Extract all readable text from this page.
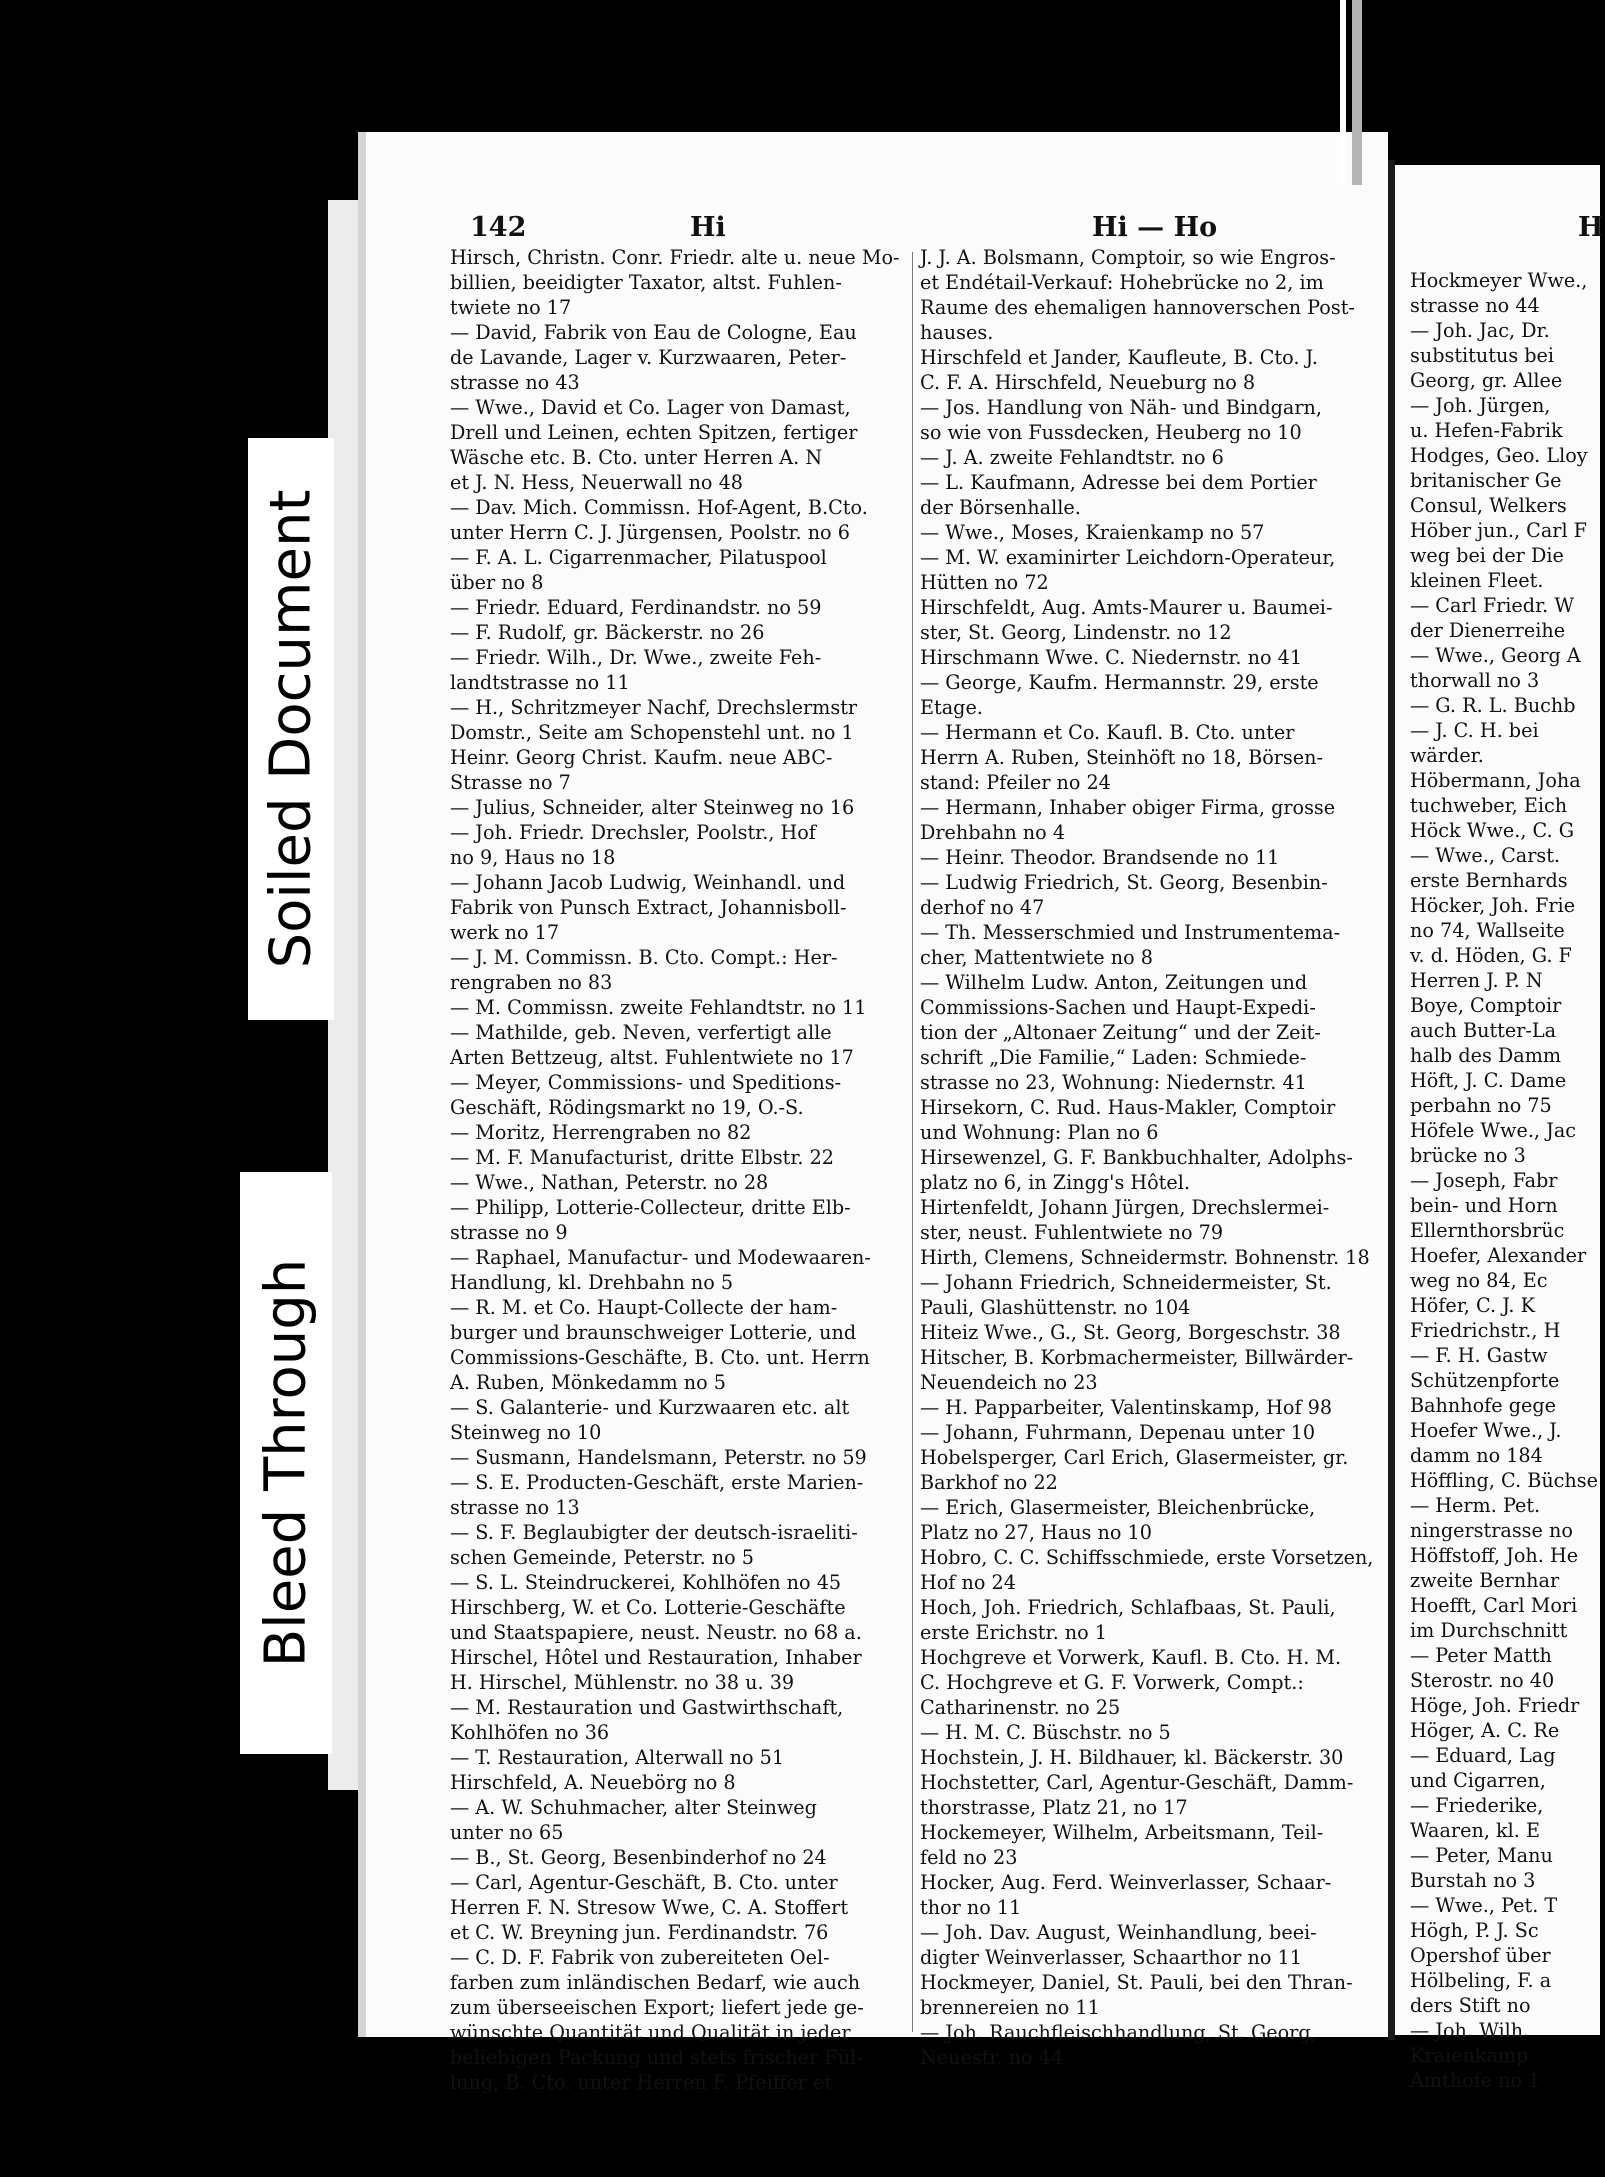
Soiled Document
Bleed Through
142	Hi	Hi — Ho	H
Hirsch, Christn. Conr. Friedr. alte u. neue Mo-
billien, beeidigter Taxator, altst. Fuhlen-
twiete no 17
— David, Fabrik von Eau de Cologne, Eau
de Lavande, Lager v. Kurzwaaren, Peter-
strasse no 43
— Wwe., David et Co. Lager von Damast,
Drell und Leinen, echten Spitzen, fertiger
Wäsche etc. B. Cto. unter Herren A. N
et J. N. Hess, Neuerwall no 48
— Dav. Mich. Commissn. Hof-Agent, B.Cto.
unter Herrn C. J. Jürgensen, Poolstr. no 6
— F. A. L. Cigarrenmacher, Pilatuspool
über no 8
— Friedr. Eduard, Ferdinandstr. no 59
— F. Rudolf, gr. Bäckerstr. no 26
— Friedr. Wilh., Dr. Wwe., zweite Feh-
landtstrasse no 11
— H., Schritzmeyer Nachf, Drechslermstr
Domstr., Seite am Schopenstehl unt. no 1
Heinr. Georg Christ. Kaufm. neue ABC-
Strasse no 7
— Julius, Schneider, alter Steinweg no 16
— Joh. Friedr. Drechsler, Poolstr., Hof
no 9, Haus no 18
— Johann Jacob Ludwig, Weinhandl. und
Fabrik von Punsch Extract, Johannisboll-
werk no 17
— J. M. Commissn. B. Cto. Compt.: Her-
rengraben no 83
— M. Commissn. zweite Fehlandtstr. no 11
— Mathilde, geb. Neven, verfertigt alle
Arten Bettzeug, altst. Fuhlentwiete no 17
— Meyer, Commissions- und Speditions-
Geschäft, Rödingsmarkt no 19, O.-S.
— Moritz, Herrengraben no 82
— M. F. Manufacturist, dritte Elbstr. 22
— Wwe., Nathan, Peterstr. no 28
— Philipp, Lotterie-Collecteur, dritte Elb-
strasse no 9
— Raphael, Manufactur- und Modewaaren-
Handlung, kl. Drehbahn no 5
— R. M. et Co. Haupt-Collecte der ham-
burger und braunschweiger Lotterie, und
Commissions-Geschäfte, B. Cto. unt. Herrn
A. Ruben, Mönkedamm no 5
— S. Galanterie- und Kurzwaaren etc. alt
Steinweg no 10
— Susmann, Handelsmann, Peterstr. no 59
— S. E. Producten-Geschäft, erste Marien-
strasse no 13
— S. F. Beglaubigter der deutsch-israeliti-
schen Gemeinde, Peterstr. no 5
— S. L. Steindruckerei, Kohlhöfen no 45
Hirschberg, W. et Co. Lotterie-Geschäfte
und Staatspapiere, neust. Neustr. no 68 a.
Hirschel, Hôtel und Restauration, Inhaber
H. Hirschel, Mühlenstr. no 38 u. 39
— M. Restauration und Gastwirthschaft,
Kohlhöfen no 36
— T. Restauration, Alterwall no 51
Hirschfeld, A. Neuebörg no 8
— A. W. Schuhmacher, alter Steinweg
unter no 65
— B., St. Georg, Besenbinderhof no 24
— Carl, Agentur-Geschäft, B. Cto. unter
Herren F. N. Stresow Wwe, C. A. Stoffert
et C. W. Breyning jun. Ferdinandstr. 76
— C. D. F. Fabrik von zubereiteten Oel-
farben zum inländischen Bedarf, wie auch
zum überseeischen Export; liefert jede ge-
wünschte Quantität und Qualität in jeder
beliebigen Packung und stets frischer Fül-
lung, B. Cto. unter Herren F. Pfeiffer et
J. J. A. Bolsmann, Comptoir, so wie Engros-
et Endétail-Verkauf: Hohebrücke no 2, im
Raume des ehemaligen hannoverschen Post-
hauses.
Hirschfeld et Jander, Kaufleute, B. Cto. J.
C. F. A. Hirschfeld, Neueburg no 8
— Jos. Handlung von Näh- und Bindgarn,
so wie von Fussdecken, Heuberg no 10
— J. A. zweite Fehlandtstr. no 6
— L. Kaufmann, Adresse bei dem Portier
der Börsenhalle.
— Wwe., Moses, Kraienkamp no 57
— M. W. examinirter Leichdorn-Operateur,
Hütten no 72
Hirschfeldt, Aug. Amts-Maurer u. Baumei-
ster, St. Georg, Lindenstr. no 12
Hirschmann Wwe. C. Niedernstr. no 41
— George, Kaufm. Hermannstr. 29, erste
Etage.
— Hermann et Co. Kaufl. B. Cto. unter
Herrn A. Ruben, Steinhöft no 18, Börsen-
stand: Pfeiler no 24
— Hermann, Inhaber obiger Firma, grosse
Drehbahn no 4
— Heinr. Theodor. Brandsende no 11
— Ludwig Friedrich, St. Georg, Besenbin-
derhof no 47
— Th. Messerschmied und Instrumentema-
cher, Mattentwiete no 8
— Wilhelm Ludw. Anton, Zeitungen und
Commissions-Sachen und Haupt-Expedi-
tion der „Altonaer Zeitung“ und der Zeit-
schrift „Die Familie,“ Laden: Schmiede-
strasse no 23, Wohnung: Niedernstr. 41
Hirsekorn, C. Rud. Haus-Makler, Comptoir
und Wohnung: Plan no 6
Hirsewenzel, G. F. Bankbuchhalter, Adolphs-
platz no 6, in Zingg's Hôtel.
Hirtenfeldt, Johann Jürgen, Drechslermei-
ster, neust. Fuhlentwiete no 79
Hirth, Clemens, Schneidermstr. Bohnenstr. 18
— Johann Friedrich, Schneidermeister, St.
Pauli, Glashüttenstr. no 104
Hiteiz Wwe., G., St. Georg, Borgeschstr. 38
Hitscher, B. Korbmachermeister, Billwärder-
Neuendeich no 23
— H. Papparbeiter, Valentinskamp, Hof 98
— Johann, Fuhrmann, Depenau unter 10
Hobelsperger, Carl Erich, Glasermeister, gr.
Barkhof no 22
— Erich, Glasermeister, Bleichenbrücke,
Platz no 27, Haus no 10
Hobro, C. C. Schiffsschmiede, erste Vorsetzen,
Hof no 24
Hoch, Joh. Friedrich, Schlafbaas, St. Pauli,
erste Erichstr. no 1
Hochgreve et Vorwerk, Kaufl. B. Cto. H. M.
C. Hochgreve et G. F. Vorwerk, Compt.:
Catharinenstr. no 25
— H. M. C. Büschstr. no 5
Hochstein, J. H. Bildhauer, kl. Bäckerstr. 30
Hochstetter, Carl, Agentur-Geschäft, Damm-
thorstrasse, Platz 21, no 17
Hockemeyer, Wilhelm, Arbeitsmann, Teil-
feld no 23
Hocker, Aug. Ferd. Weinverlasser, Schaar-
thor no 11
— Joh. Dav. August, Weinhandlung, beei-
digter Weinverlasser, Schaarthor no 11
Hockmeyer, Daniel, St. Pauli, bei den Thran-
brennereien no 11
— Joh. Rauchfleischhandlung, St. Georg,
Neuestr. no 44
Hockmeyer Wwe.,
strasse no 44
— Joh. Jac, Dr.
substitutus bei
Georg, gr. Allee
— Joh. Jürgen,
u. Hefen-Fabrik
Hodges, Geo. Lloy
britanischer Ge
Consul, Welkers
Höber jun., Carl F
weg bei der Die
kleinen Fleet.
— Carl Friedr. W
der Dienerreihe
— Wwe., Georg A
thorwall no 3
— G. R. L. Buchb
— J. C. H. bei
wärder.
Höbermann, Joha
tuchweber, Eich
Höck Wwe., C. G
— Wwe., Carst.
erste Bernhards
Höcker, Joh. Frie
no 74, Wallseite
v. d. Höden, G. F
Herren J. P. N
Boye, Comptoir
auch Butter-La
halb des Damm
Höft, J. C. Dame
perbahn no 75
Höfele Wwe., Jac
brücke no 3
— Joseph, Fabr
bein- und Horn
Ellernthorsbrüc
Hoefer, Alexander
weg no 84, Ec
Höfer, C. J. K
Friedrichstr., H
— F. H. Gastw
Schützenpforte
Bahnhofe gege
Hoefer Wwe., J.
damm no 184
Höffling, C. Büchse
— Herm. Pet.
ningerstrasse no
Höffstoff, Joh. He
zweite Bernhar
Hoefft, Carl Mori
im Durchschnitt
— Peter Matth
Sterostr. no 40
Höge, Joh. Friedr
Höger, A. C. Re
— Eduard, Lag
und Cigarren,
— Friederike,
Waaren, kl. E
— Peter, Manu
Burstah no 3
— Wwe., Pet. T
Högh, P. J. Sc
Opershof über
Hölbeling, F. a
ders Stift no
— Joh. Wilh.
Kraienkamp
Amthofe no 1
